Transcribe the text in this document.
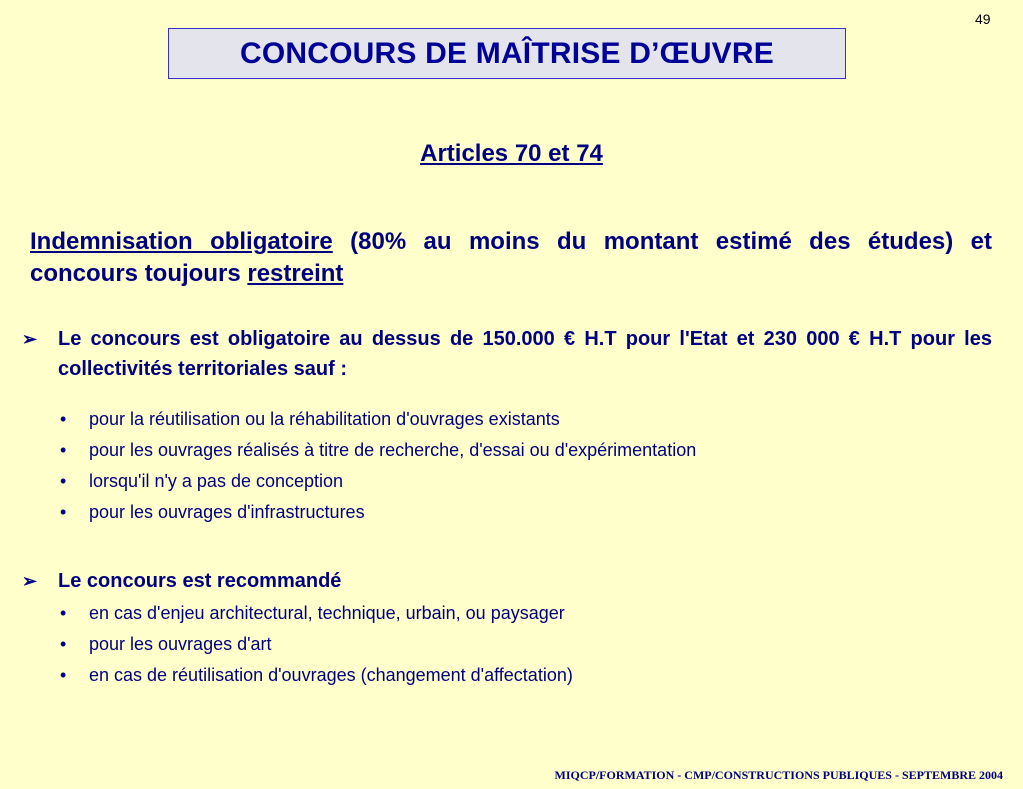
49
CONCOURS DE MAÎTRISE D’ŒUVRE
Articles 70 et 74
Indemnisation obligatoire (80% au moins du montant estimé des études) et concours toujours restreint
➢ Le concours est obligatoire au dessus de 150.000 € H.T pour l'Etat et 230 000 € H.T pour les collectivités territoriales sauf :
• pour la réutilisation ou la réhabilitation d'ouvrages existants
• pour les ouvrages réalisés à titre de recherche, d'essai ou d'expérimentation
• lorsqu'il n'y a pas de conception
• pour les ouvrages d'infrastructures
➢ Le concours est recommandé
• en cas d'enjeu architectural, technique, urbain, ou paysager
• pour les ouvrages d'art
• en cas de réutilisation d'ouvrages (changement d'affectation)
MIQCP/FORMATION - CMP/CONSTRUCTIONS PUBLIQUES - SEPTEMBRE 2004
